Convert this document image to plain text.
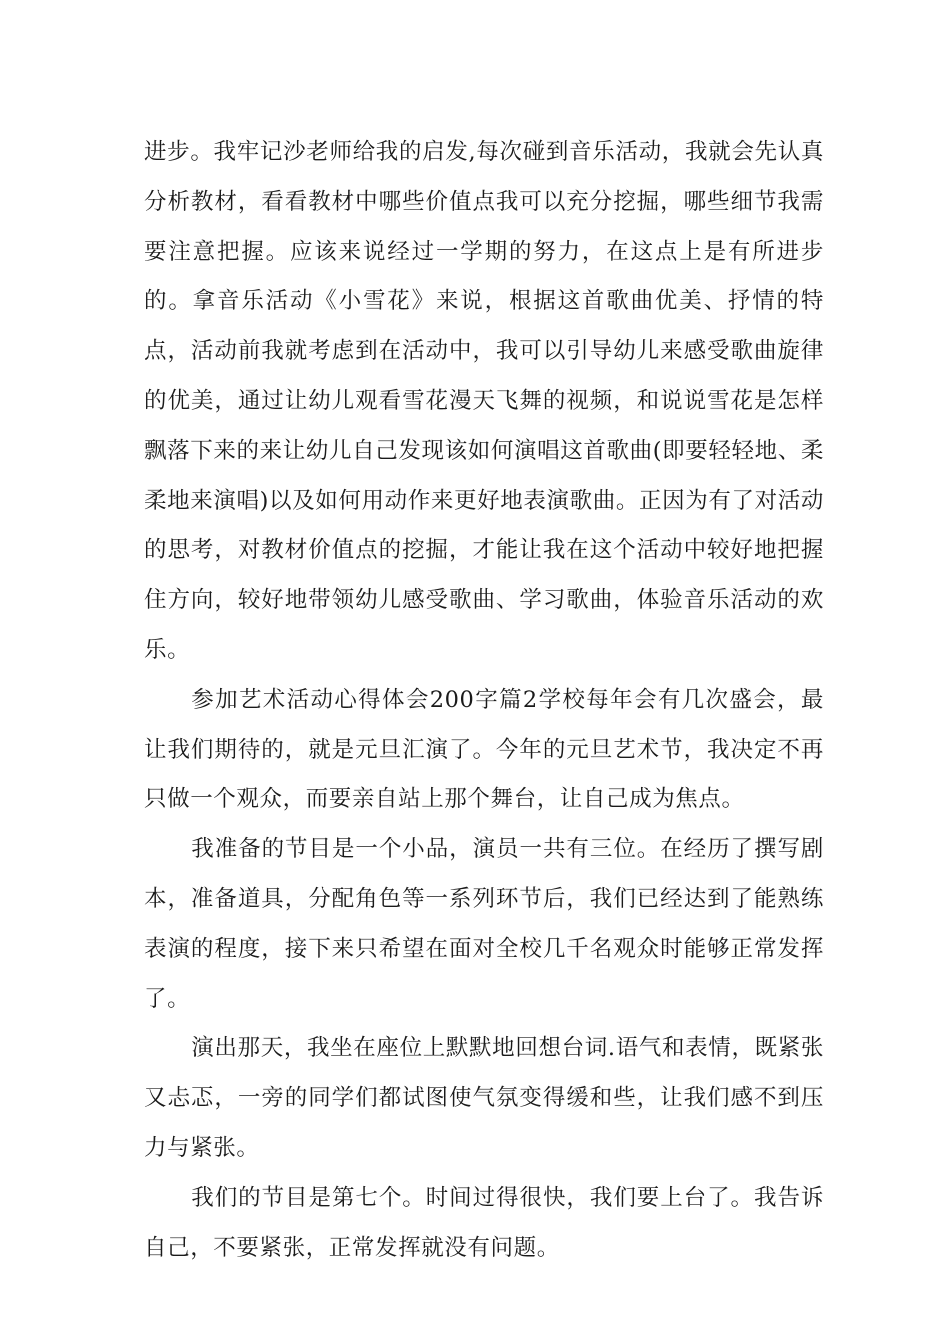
进步。我牢记沙老师给我的启发,每次碰到音乐活动，我就会先认真分析教材，看看教材中哪些价值点我可以充分挖掘，哪些细节我需要注意把握。应该来说经过一学期的努力，在这点上是有所进步的。拿音乐活动《小雪花》来说，根据这首歌曲优美、抒情的特点，活动前我就考虑到在活动中，我可以引导幼儿来感受歌曲旋律的优美，通过让幼儿观看雪花漫天飞舞的视频，和说说雪花是怎样飘落下来的来让幼儿自己发现该如何演唱这首歌曲(即要轻轻地、柔柔地来演唱)以及如何用动作来更好地表演歌曲。正因为有了对活动的思考，对教材价值点的挖掘，才能让我在这个活动中较好地把握住方向，较好地带领幼儿感受歌曲、学习歌曲，体验音乐活动的欢乐。

参加艺术活动心得体会200字篇2学校每年会有几次盛会，最让我们期待的，就是元旦汇演了。今年的元旦艺术节，我决定不再只做一个观众，而要亲自站上那个舞台，让自己成为焦点。

我准备的节目是一个小品，演员一共有三位。在经历了撰写剧本，准备道具，分配角色等一系列环节后，我们已经达到了能熟练表演的程度，接下来只希望在面对全校几千名观众时能够正常发挥了。

演出那天，我坐在座位上默默地回想台词.语气和表情，既紧张又忐忑，一旁的同学们都试图使气氛变得缓和些，让我们感不到压力与紧张。

我们的节目是第七个。时间过得很快，我们要上台了。我告诉自己，不要紧张，正常发挥就没有问题。
